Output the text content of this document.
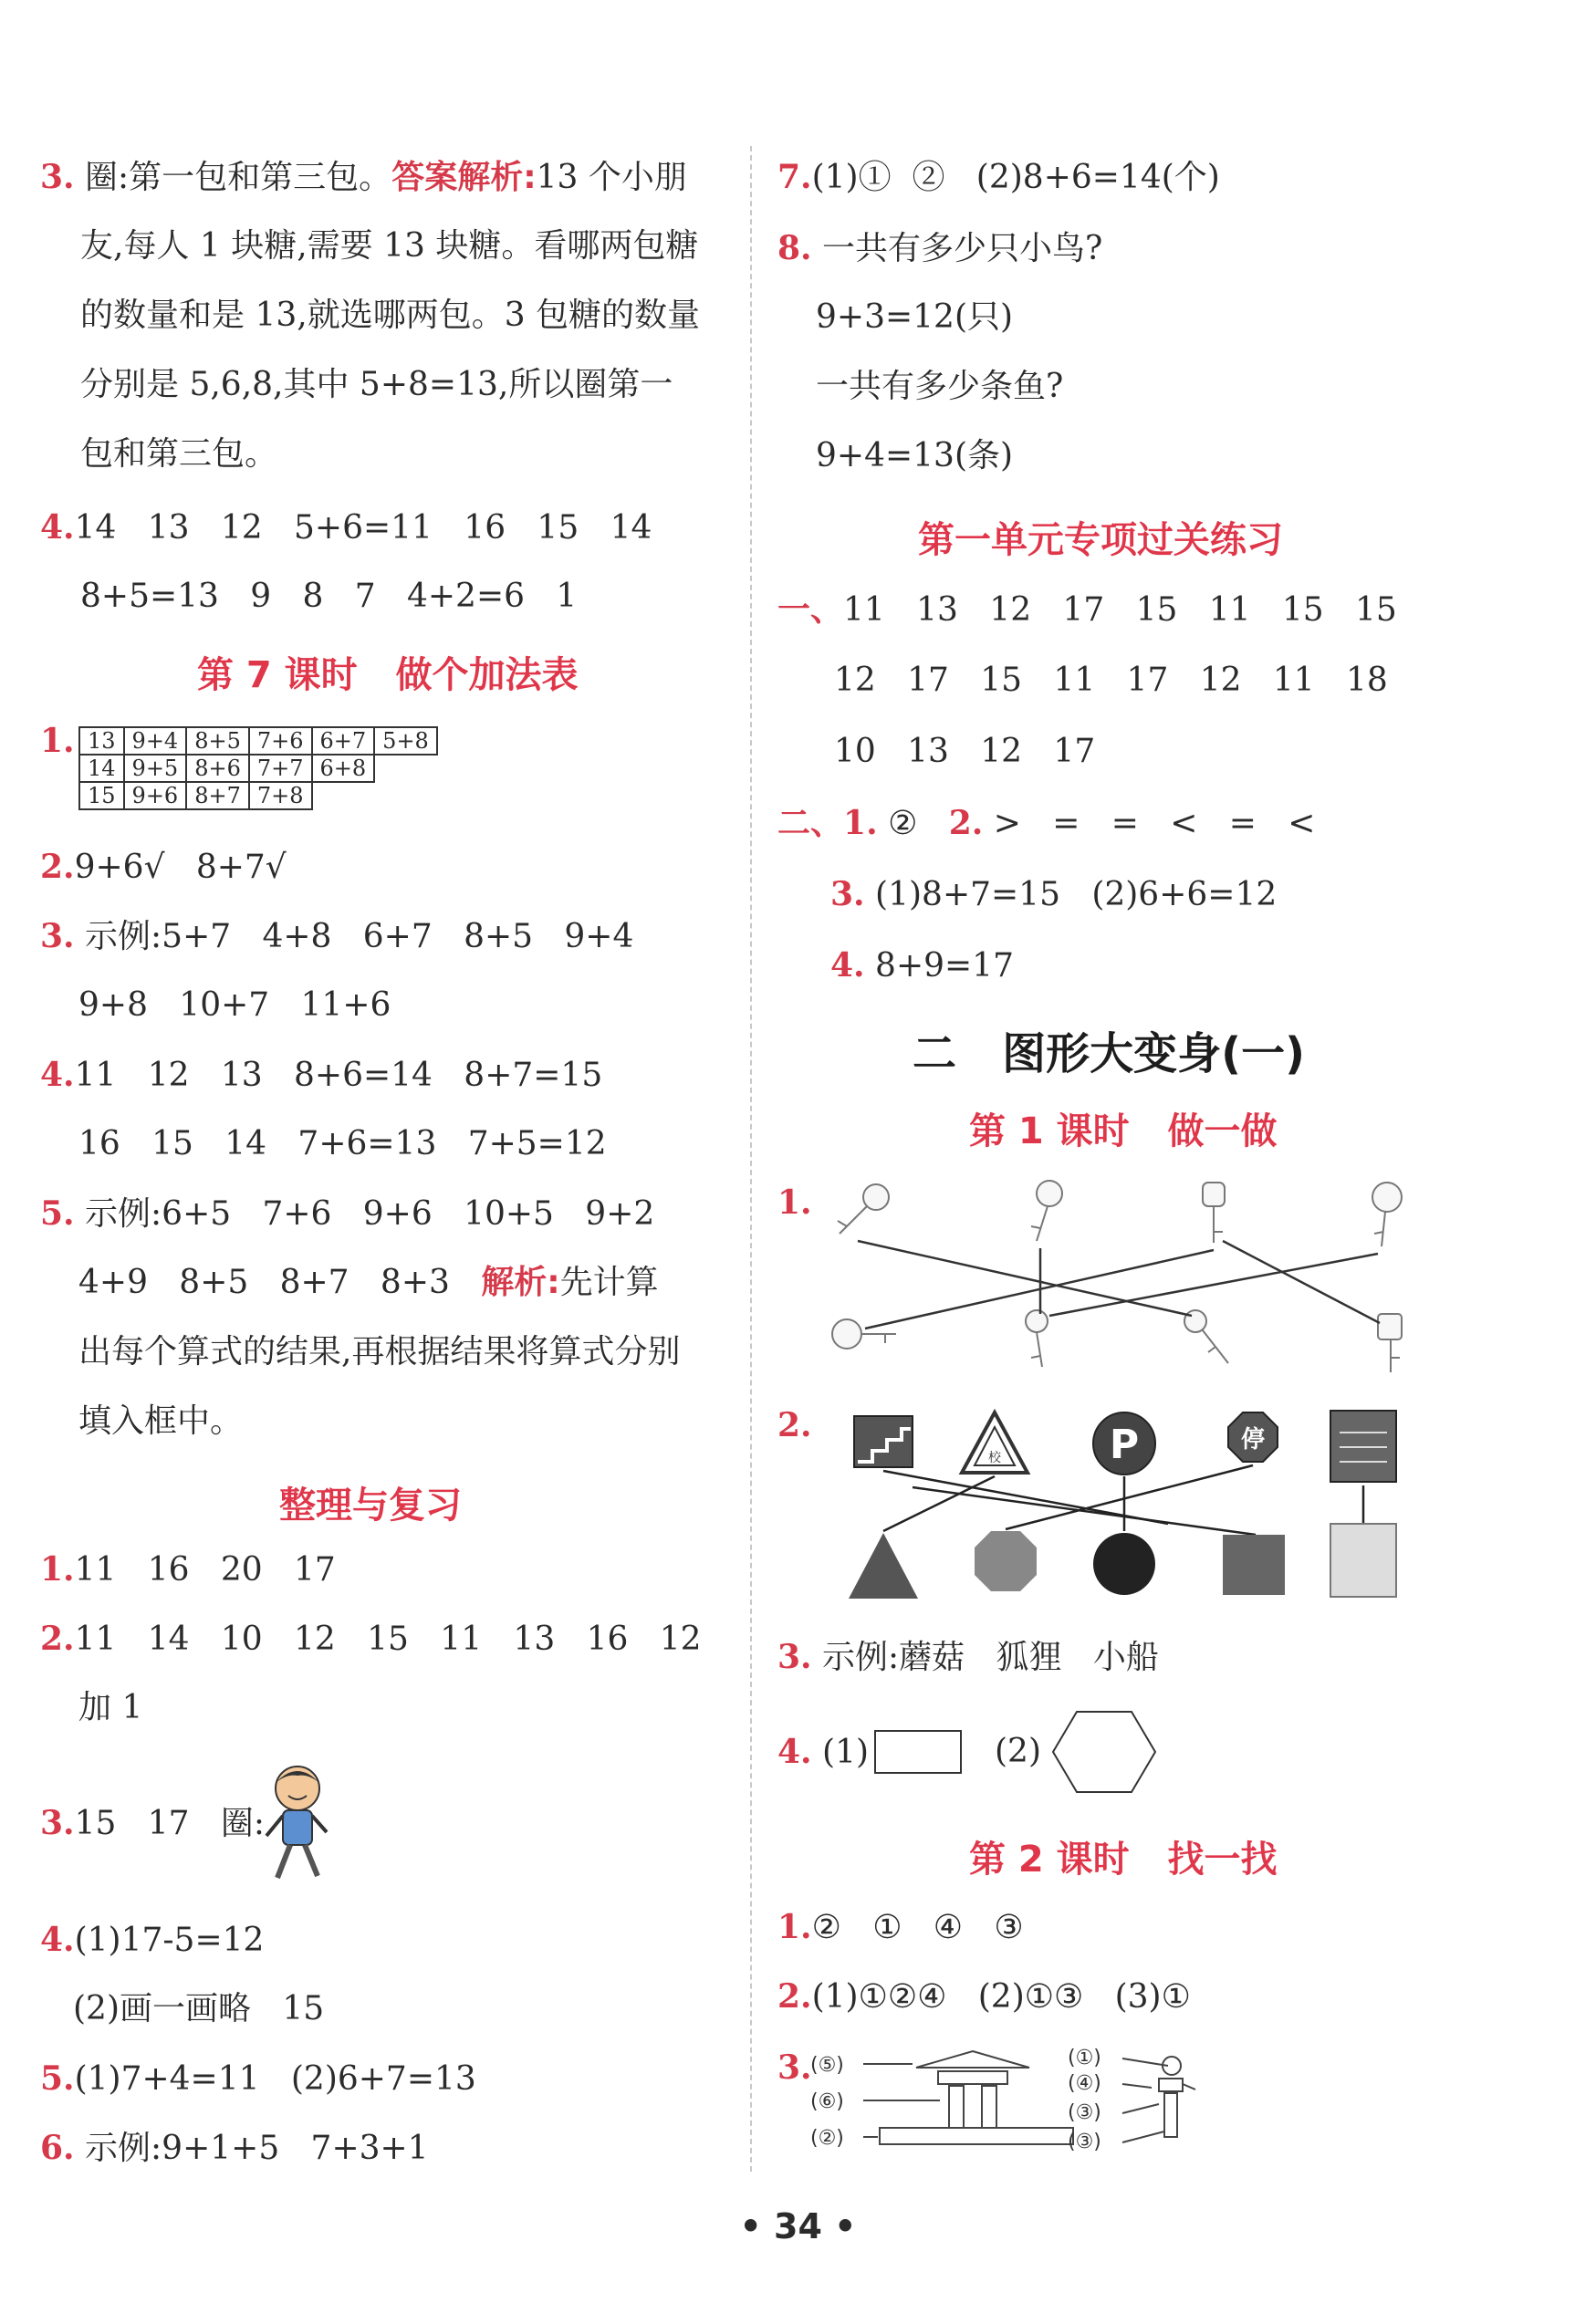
3. 圈:第一包和第三包。答案解析:13 个小朋
友,每人 1 块糖,需要 13 块糖。看哪两包糖
的数量和是 13,就选哪两包。3 包糖的数量
分别是 5,6,8,其中 5+8=13,所以圈第一
包和第三包。
4.14   13   12   5+6=11   16   15   14
8+5=13   9   8   7   4+2=6   1
第 7 课时   做个加法表
1. 13	9+4	8+5	7+6	6+7	5+8
14	9+5	8+6	7+7	6+8	
15	9+6	8+7	7+8		
2.9+6√   8+7√
3. 示例:5+7   4+8   6+7   8+5   9+4
9+8   10+7   11+6
4.11   12   13   8+6=14   8+7=15
16   15   14   7+6=13   7+5=12
5. 示例:6+5   7+6   9+6   10+5   9+2
4+9   8+5   8+7   8+3   解析:先计算
出每个算式的结果,再根据结果将算式分别
填入框中。
整理与复习
1.11   16   20   17
2.11   14   10   12   15   11   13   16   12
加 1
3.15   17   圈:
4.(1)17-5=12
(2)画一画略   15
5.(1)7+4=11   (2)6+7=13
6. 示例:9+1+5   7+3+1
7.(1)①  ②   (2)8+6=14(个)
8. 一共有多少只小鸟?
9+3=12(只)
一共有多少条鱼?
9+4=13(条)
第一单元专项过关练习
一、11   13   12   17   15   11   15   15
12   17   15   11   17   12   11   18
10   13   12   17
二、1. ② 2. >   =   =   <   =   <
3. (1)8+7=15   (2)6+6=12
4. 8+9=17
二   图形大变身(一)
第 1 课时   做一做
1.
2.
校	P	停
3. 示例:蘑菇   狐狸   小船
4. (1)	(2)
第 2 课时   找一找
1.②   ①   ④   ③
2.(1)①②④   (2)①③   (3)①
3.
(⑤)
(⑥)
(②)
(①)
(④)
(③)
(③)
• 34 •
